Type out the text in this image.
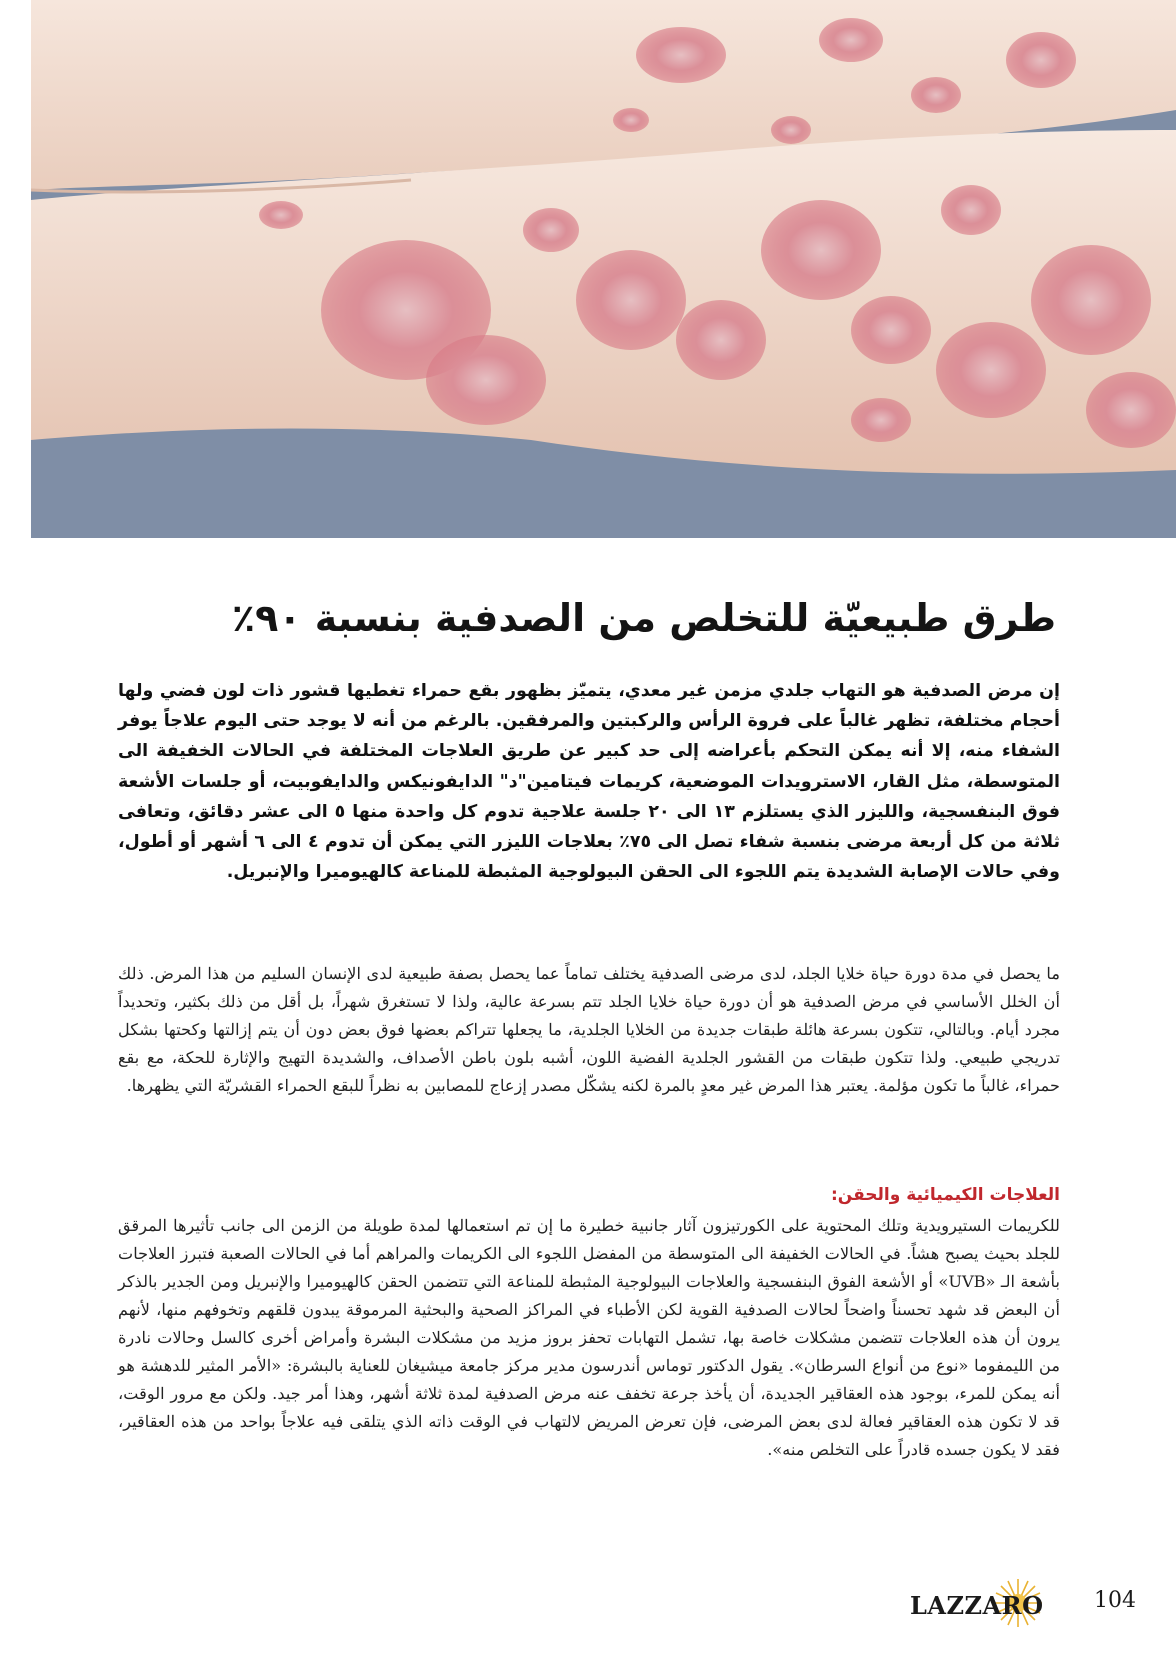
طرق طبيعيّة للتخلص من الصدفية بنسبة ٩٠٪
إن مرض الصدفية هو التهاب جلدي مزمن غير معدي، يتميّز بظهور بقع حمراء تغطيها قشور ذات لون فضي ولها أحجام مختلفة، تظهر غالباً على فروة الرأس والركبتين والمرفقين. بالرغم من أنه لا يوجد حتى اليوم علاجاً يوفر الشفاء منه، إلا أنه يمكن التحكم بأعراضه إلى حد كبير عن طريق العلاجات المختلفة في الحالات الخفيفة الى المتوسطة، مثل القار، الاسترويدات الموضعية، كريمات فيتامين"د" الدايفونيكس والدايفوبيت، أو جلسات الأشعة فوق البنفسجية، والليزر الذي يستلزم ١٣ الى ٢٠ جلسة علاجية تدوم كل واحدة منها ٥ الى عشر دقائق، وتعافى ثلاثة من كل أربعة مرضى بنسبة شفاء تصل الى ٧٥٪ بعلاجات الليزر التي يمكن أن تدوم ٤ الى ٦ أشهر أو أطول، وفي حالات الإصابة الشديدة يتم اللجوء الى الحقن البيولوجية المثبطة للمناعة كالهيوميرا والإنبريل.
ما يحصل في مدة دورة حياة خلايا الجلد، لدى مرضى الصدفية يختلف تماماً عما يحصل بصفة طبيعية لدى الإنسان السليم من هذا المرض. ذلك أن الخلل الأساسي في مرض الصدفية هو أن دورة حياة خلايا الجلد تتم بسرعة عالية، ولذا لا تستغرق شهراً، بل أقل من ذلك بكثير، وتحديداً مجرد أيام. وبالتالي، تتكون بسرعة هائلة طبقات جديدة من الخلايا الجلدية، ما يجعلها تتراكم بعضها فوق بعض دون أن يتم إزالتها وكحتها بشكل تدريجي طبيعي. ولذا تتكون طبقات من القشور الجلدية الفضية اللون، أشبه بلون باطن الأصداف، والشديدة التهيج والإثارة للحكة، مع بقع حمراء، غالباً ما تكون مؤلمة. يعتبر هذا المرض غير معدٍ بالمرة لكنه يشكّل مصدر إزعاج للمصابين به نظراً للبقع الحمراء القشريّة التي يظهرها.
العلاجات الكيميائية والحقن:
للكريمات الستيرويدية وتلك المحتوية على الكورتيزون آثار جانبية خطيرة ما إن تم استعمالها لمدة طويلة من الزمن الى جانب تأثيرها المرقق للجلد بحيث يصبح هشاً. في الحالات الخفيفة الى المتوسطة من المفضل اللجوء الى الكريمات والمراهم أما في الحالات الصعبة فتبرز العلاجات بأشعة الـ «UVB» أو الأشعة الفوق البنفسجية والعلاجات البيولوجية المثبطة للمناعة التي تتضمن الحقن كالهيوميرا والإنبريل ومن الجدير بالذكر أن البعض قد شهد تحسناً واضحاً لحالات الصدفية القوية لكن الأطباء في المراكز الصحية والبحثية المرموقة يبدون قلقهم وتخوفهم منها، لأنهم يرون أن هذه العلاجات تتضمن مشكلات خاصة بها، تشمل التهابات تحفز بروز مزيد من مشكلات البشرة وأمراض أخرى كالسل وحالات نادرة من الليمفوما «نوع من أنواع السرطان». يقول الدكتور توماس أندرسون مدير مركز جامعة ميشيغان للعناية بالبشرة: «الأمر المثير للدهشة هو أنه يمكن للمرء، بوجود هذه العقاقير الجديدة، أن يأخذ جرعة تخفف عنه مرض الصدفية لمدة ثلاثة أشهر، وهذا أمر جيد. ولكن مع مرور الوقت، قد لا تكون هذه العقاقير فعالة لدى بعض المرضى، فإن تعرض المريض لالتهاب في الوقت ذاته الذي يتلقى فيه علاجاً بواحد من هذه العقاقير، فقد لا يكون جسده قادراً على التخلص منه».
LAZZARO 104
